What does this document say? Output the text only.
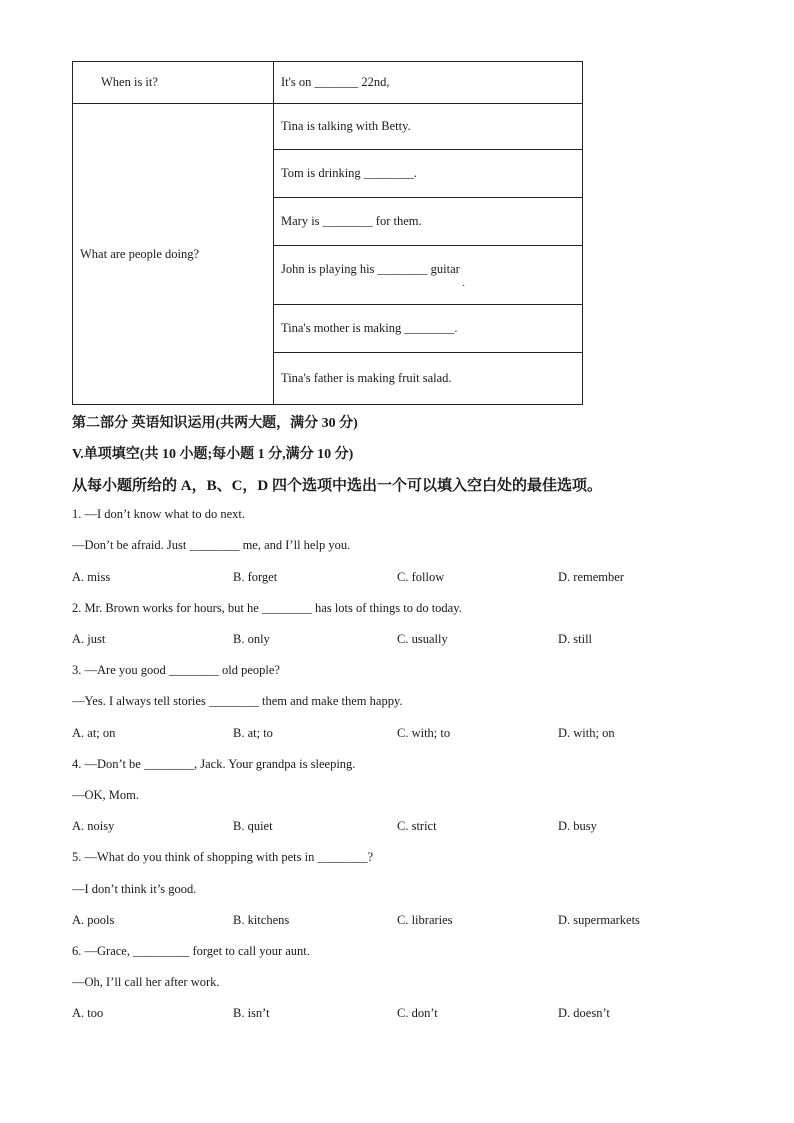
When is it?	It's on _______ 22nd,
What are people doing?	Tina is talking with Betty.
	Tom is drinking ________.
	Mary is ________ for them.
	John is playing his ________ guitar
	Tina's mother is making ________.
	Tina's father is making fruit salad.
·
第二部分 英语知识运用(共两大题，满分 30 分)
V.单项填空(共 10 小题;每小题 1 分,满分 10 分)
从每小题所给的 A，B、C，D 四个选项中选出一个可以填入空白处的最佳选项。
1. —I don’t know what to do next.
—Don’t be afraid. Just ________ me, and I’ll help you.
A. miss	B. forget	C. follow	D. remember
2. Mr. Brown works for hours, but he ________ has lots of things to do today.
A. just	B. only	C. usually	D. still
3. —Are you good ________ old people?
—Yes. I always tell stories ________ them and make them happy.
A. at; on	B. at; to	C. with; to	D. with; on
4. —Don’t be ________, Jack. Your grandpa is sleeping.
—OK, Mom.
A. noisy	B. quiet	C. strict	D. busy
5. —What do you think of shopping with pets in ________?
—I don’t think it’s good.
A. pools	B. kitchens	C. libraries	D. supermarkets
6. —Grace, _________ forget to call your aunt.
—Oh, I’ll call her after work.
A. too	B. isn’t	C. don’t	D. doesn’t
